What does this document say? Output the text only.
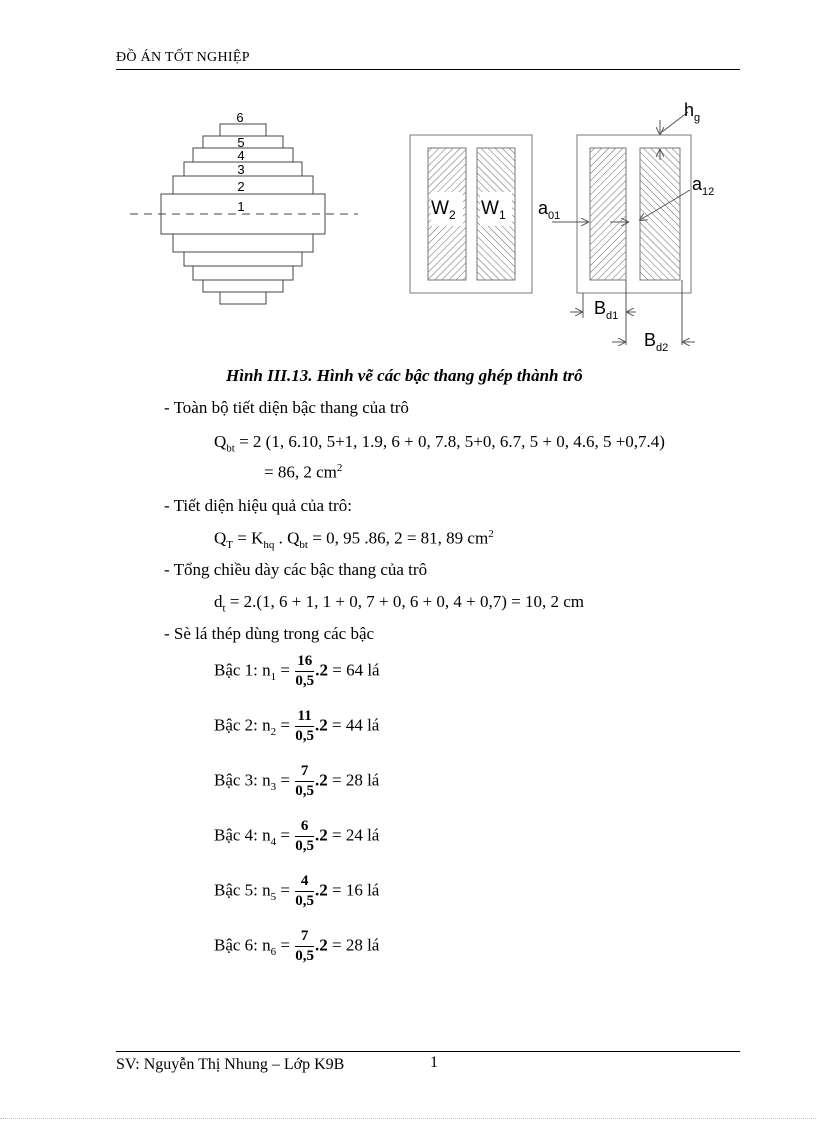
ĐỒ ÁN TỐT NGHIỆP
6
5
4
3
2
1	$W_2$ $W_1$
$h_g$
$a_{01}$
$a_{12}$
$B_{d1}$
$B_{d2}$
Hình III.13. Hình vẽ các bậc thang ghép thành trô
- Toàn bộ tiết diện bậc thang của trô
$Q_{bt} = 2$ (1, 6.10, 5+1, 1.9, 6 + 0, 7.8, 5+0, 6.7, 5 + 0, 4.6, 5 +0,7.4)
= 86, 2 $cm^2$
- Tiết diện hiệu quả của trô:
$Q_T = K_{hq}$ . $Q_{bt} = 0$, 95 .86, 2 = 81, 89 $cm^2$
- Tổng chiều dày các bậc thang của trô
$d_t = 2.(1$, 6 + 1, 1 + 0, 7 + 0, 6 + 0, 4 + 0,7) = 10, 2 cm
- Sè lá thép dùng trong các bậc
Bậc 1: $n_1 = \frac{16}{0,5} .2 = 64$ lá
Bậc 2: $n_2 = \frac{11}{0,5} .2 = 44$ lá
Bậc 3: $n_3 = \frac{7}{0,5} .2 = 28$ lá
Bậc 4: $n_4 = \frac{6}{0,5} .2 = 24$ lá
Bậc 5: $n_5 = \frac{4}{0,5} .2 = 16$ lá
Bậc 6: $n_6 = \frac{7}{0,5} .2 = 28$ lá
SV: Nguyễn Thị Nhung – Lớp K9B	1
